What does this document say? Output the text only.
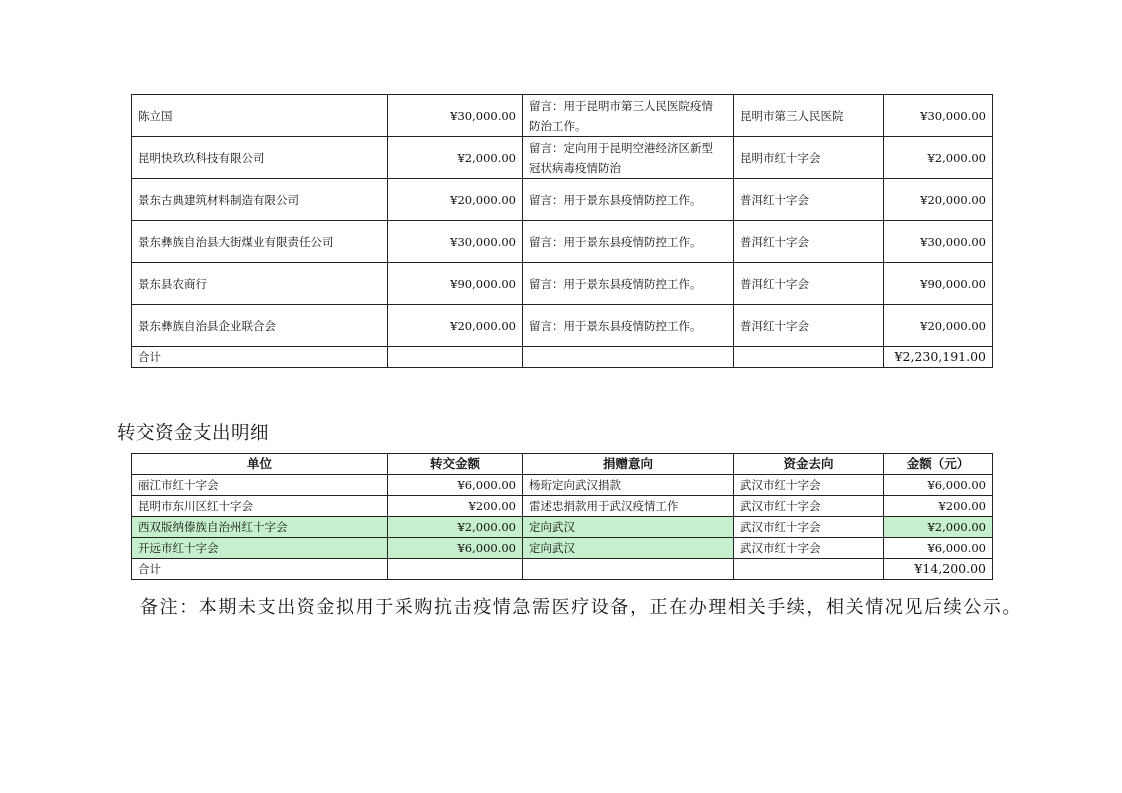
陈立国	¥30,000.00	留言：用于昆明市第三人民医院疫情防治工作。	昆明市第三人民医院	¥30,000.00
昆明快玖玖科技有限公司	¥2,000.00	留言：定向用于昆明空港经济区新型冠状病毒疫情防治	昆明市红十字会	¥2,000.00
景东古典建筑材料制造有限公司	¥20,000.00	留言：用于景东县疫情防控工作。	普洱红十字会	¥20,000.00
景东彝族自治县大街煤业有限责任公司	¥30,000.00	留言：用于景东县疫情防控工作。	普洱红十字会	¥30,000.00
景东县农商行	¥90,000.00	留言：用于景东县疫情防控工作。	普洱红十字会	¥90,000.00
景东彝族自治县企业联合会	¥20,000.00	留言：用于景东县疫情防控工作。	普洱红十字会	¥20,000.00
合计				¥2,230,191.00
转交资金支出明细
单位	转交金额	捐赠意向	资金去向	金额（元）
丽江市红十字会	¥6,000.00	杨珩定向武汉捐款	武汉市红十字会	¥6,000.00
昆明市东川区红十字会	¥200.00	雷述忠捐款用于武汉疫情工作	武汉市红十字会	¥200.00
西双版纳傣族自治州红十字会	¥2,000.00	定向武汉	武汉市红十字会	¥2,000.00
开远市红十字会	¥6,000.00	定向武汉	武汉市红十字会	¥6,000.00
合计				¥14,200.00

备注：本期未支出资金拟用于采购抗击疫情急需医疗设备，正在办理相关手续，相关情况见后续公示。
